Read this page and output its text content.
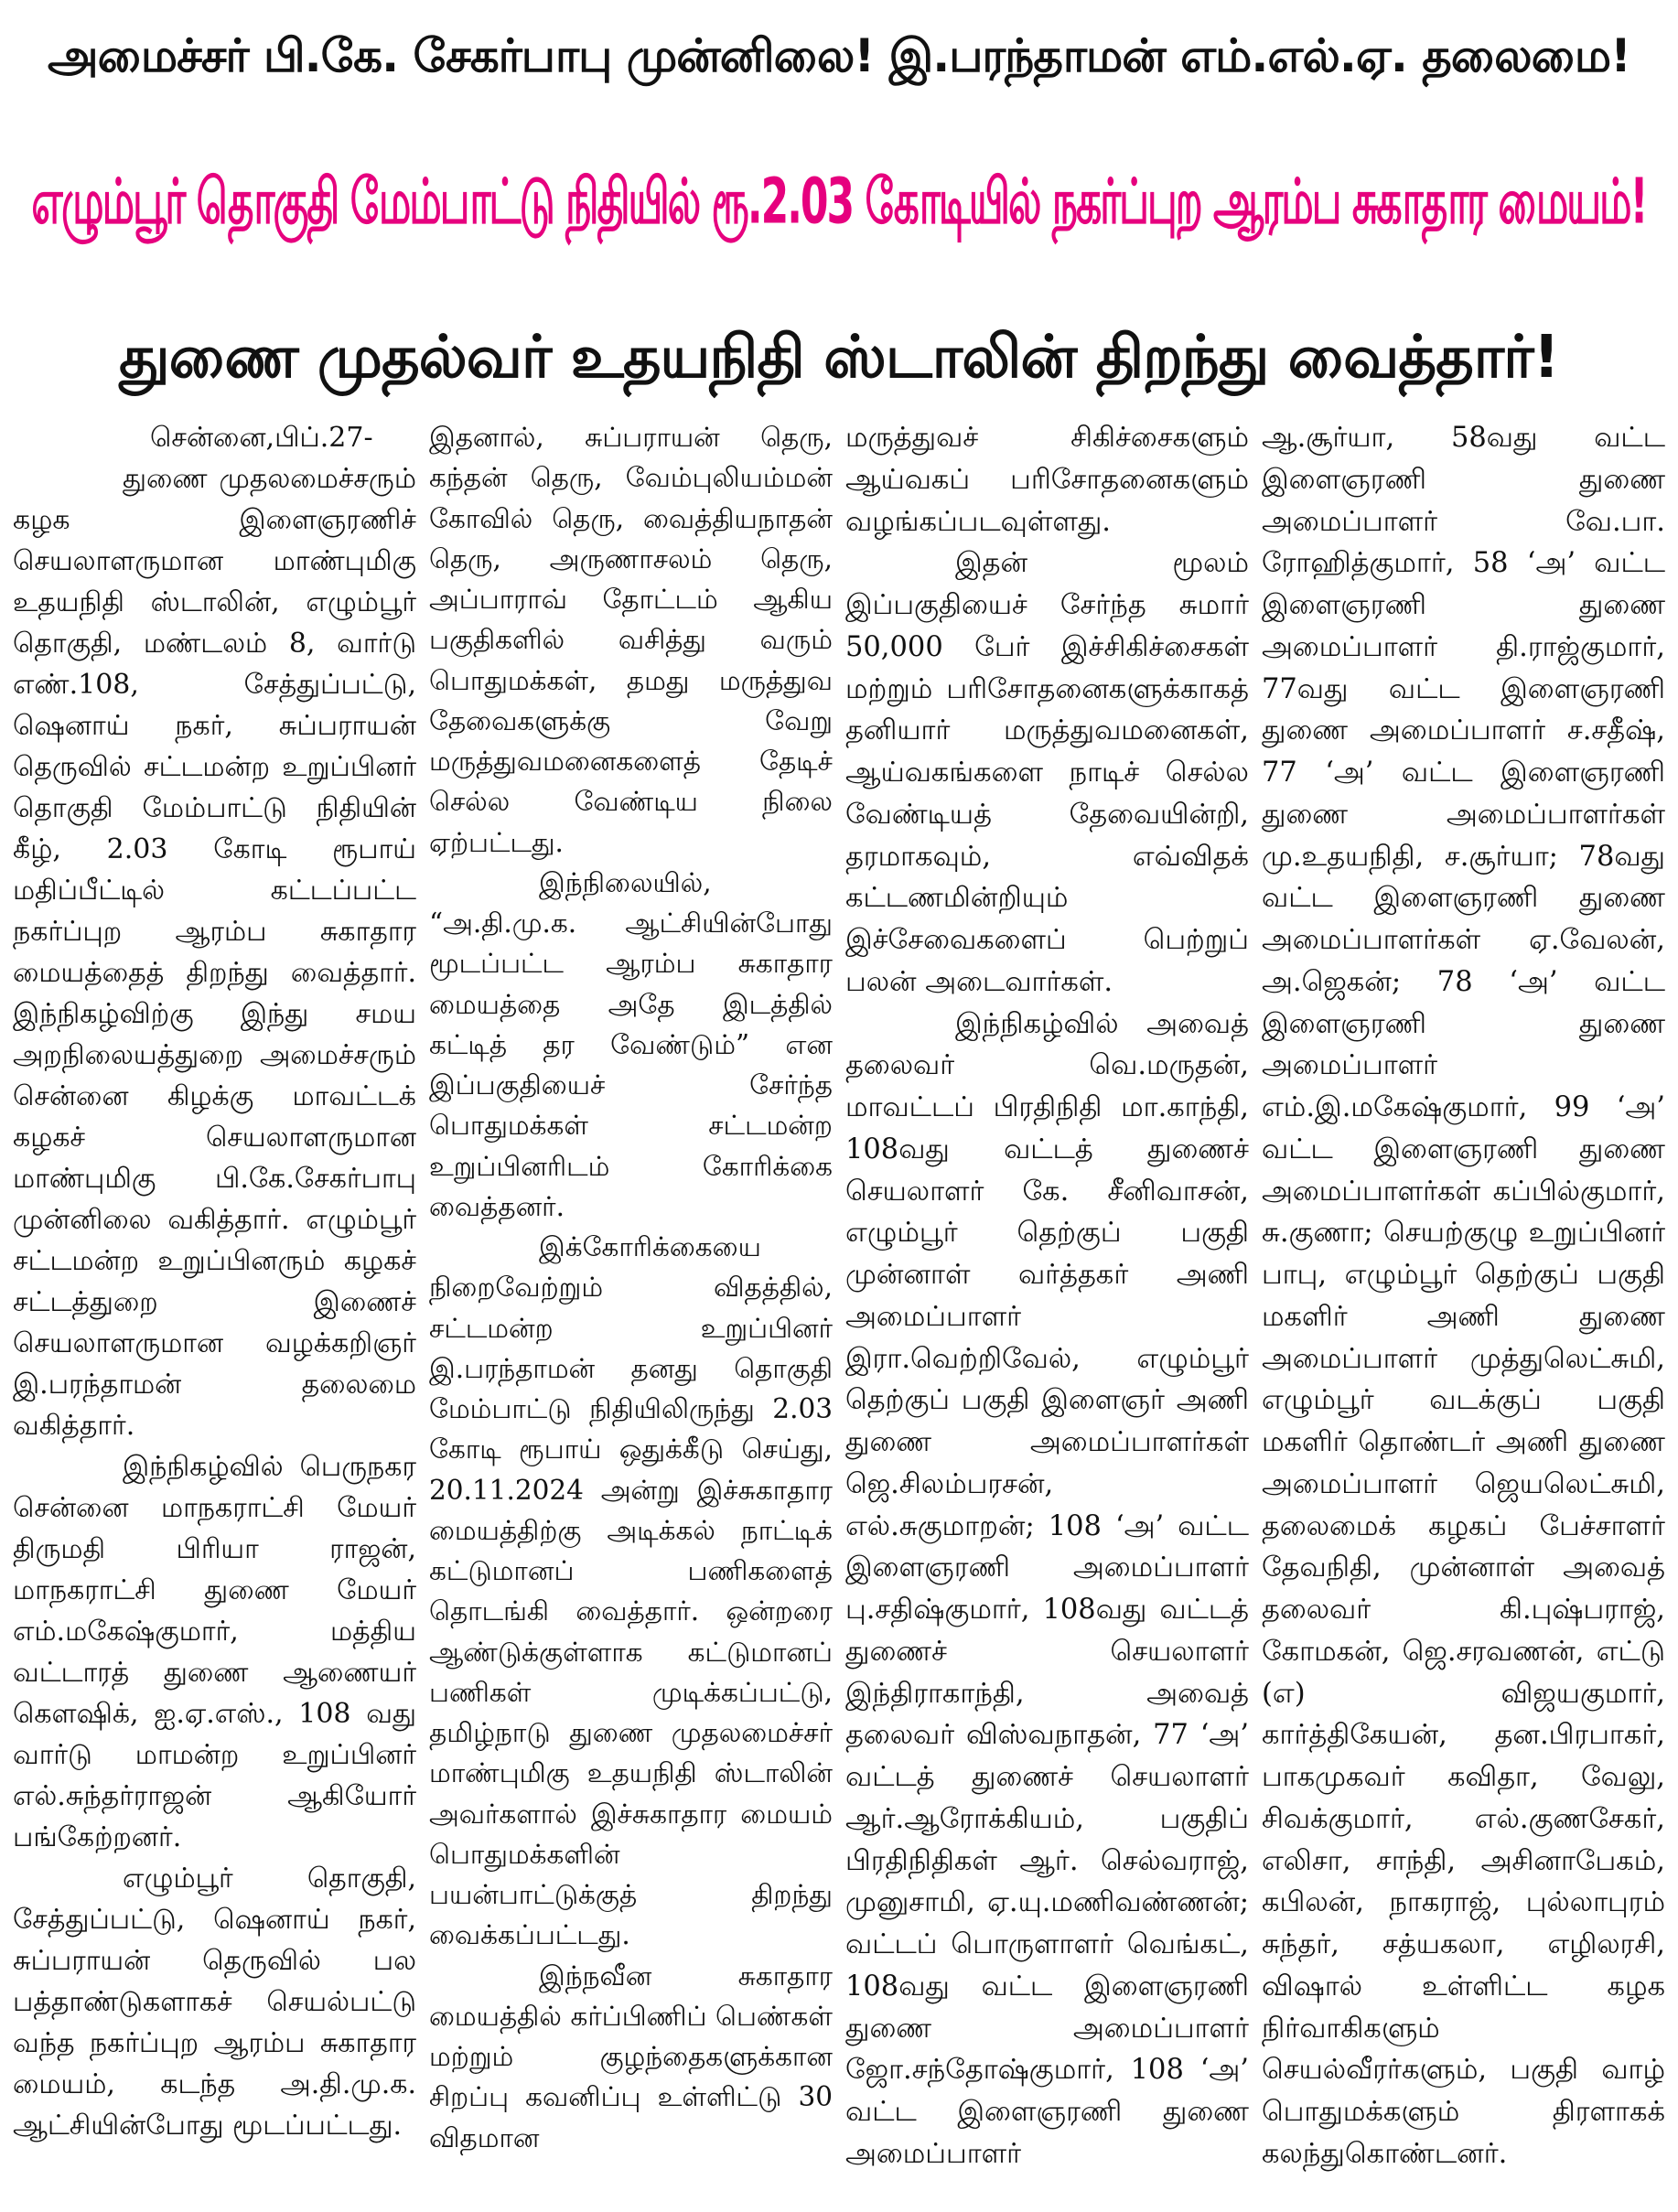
அமைச்சர் பி.கே. சேகர்பாபு முன்னிலை! இ.பரந்தாமன் எம்.எல்.ஏ. தலைமை!
எழும்பூர் தொகுதி மேம்பாட்டு நிதியில் ரூ.2.03 கோடியில் நகர்ப்புற ஆரம்ப சுகாதார மையம்!
துணை முதல்வர் உதயநிதி ஸ்டாலின் திறந்து வைத்தார்!

சென்னை,பிப்.27-

துணை முதலமைச்சரும் கழக இளைஞரணிச் செயலாளருமான மாண்புமிகு உதயநிதி ஸ்டாலின், எழும்பூர் தொகுதி, மண்டலம் 8, வார்டு எண்.108, சேத்துப்பட்டு, ஷெனாய் நகர், சுப்பராயன் தெருவில் சட்டமன்ற உறுப்பினர் தொகுதி மேம்பாட்டு நிதியின் கீழ், 2.03 கோடி ரூபாய் மதிப்பீட்டில் கட்டப்பட்ட நகர்ப்புற ஆரம்ப சுகாதார மையத்தைத் திறந்து வைத்தார். இந்நிகழ்விற்கு இந்து சமய அறநிலையத்துறை அமைச்சரும் சென்னை கிழக்கு மாவட்டக் கழகச் செயலாளருமான மாண்புமிகு பி.கே.சேகர்பாபு முன்னிலை வகித்தார். எழும்பூர் சட்டமன்ற உறுப்பினரும் கழகச் சட்டத்துறை இணைச் செயலாளருமான வழக்கறிஞர் இ.பரந்தாமன் தலைமை வகித்தார்.

இந்நிகழ்வில் பெருநகர சென்னை மாநகராட்சி மேயர் திருமதி பிரியா ராஜன், மாநகராட்சி துணை மேயர் எம்.மகேஷ்குமார், மத்திய வட்டாரத் துணை ஆணையர் கௌஷிக், ஐ.ஏ.எஸ்., 108 வது வார்டு மாமன்ற உறுப்பினர் எல்.சுந்தர்ராஜன் ஆகியோர் பங்கேற்றனர்.

எழும்பூர் தொகுதி, சேத்துப்பட்டு, ஷெனாய் நகர், சுப்பராயன் தெருவில் பல பத்தாண்டுகளாகச் செயல்பட்டு வந்த நகர்ப்புற ஆரம்ப சுகாதார மையம், கடந்த அ.தி.மு.க. ஆட்சியின்போது மூடப்பட்டது.

இதனால், சுப்பராயன் தெரு, கந்தன் தெரு, வேம்புலியம்மன் கோவில் தெரு, வைத்தியநாதன் தெரு, அருணாசலம் தெரு, அப்பாராவ் தோட்டம் ஆகிய பகுதிகளில் வசித்து வரும் பொதுமக்கள், தமது மருத்துவ தேவைகளுக்கு வேறு மருத்துவமனைகளைத் தேடிச் செல்ல வேண்டிய நிலை ஏற்பட்டது.

இந்நிலையில், “அ.தி.மு.க. ஆட்சியின்போது மூடப்பட்ட ஆரம்ப சுகாதார மையத்தை அதே இடத்தில் கட்டித் தர வேண்டும்” என இப்பகுதியைச் சேர்ந்த பொதுமக்கள் சட்டமன்ற உறுப்பினரிடம் கோரிக்கை வைத்தனர்.

இக்கோரிக்கையை நிறைவேற்றும் விதத்தில், சட்டமன்ற உறுப்பினர் இ.பரந்தாமன் தனது தொகுதி மேம்பாட்டு நிதியிலிருந்து 2.03 கோடி ரூபாய் ஒதுக்கீடு செய்து, 20.11.2024 அன்று இச்சுகாதார மையத்திற்கு அடிக்கல் நாட்டிக் கட்டுமானப் பணிகளைத் தொடங்கி வைத்தார். ஒன்றரை ஆண்டுக்குள்ளாக கட்டுமானப் பணிகள் முடிக்கப்பட்டு, தமிழ்நாடு துணை முதலமைச்சர் மாண்புமிகு உதயநிதி ஸ்டாலின் அவர்களால் இச்சுகாதார மையம் பொதுமக்களின் பயன்பாட்டுக்குத் திறந்து வைக்கப்பட்டது.

இந்நவீன சுகாதார மையத்தில் கர்ப்பிணிப் பெண்கள் மற்றும் குழந்தைகளுக்கான சிறப்பு கவனிப்பு உள்ளிட்டு 30 விதமான

மருத்துவச் சிகிச்சைகளும் ஆய்வகப் பரிசோதனைகளும் வழங்கப்படவுள்ளது.

இதன் மூலம் இப்பகுதியைச் சேர்ந்த சுமார் 50,000 பேர் இச்சிகிச்சைகள் மற்றும் பரிசோதனைகளுக்காகத் தனியார் மருத்துவமனைகள், ஆய்வகங்களை நாடிச் செல்ல வேண்டியத் தேவையின்றி, தரமாகவும், எவ்விதக் கட்டணமின்றியும் இச்சேவைகளைப் பெற்றுப் பலன் அடைவார்கள்.

இந்நிகழ்வில் அவைத் தலைவர் வெ.மருதன், மாவட்டப் பிரதிநிதி மா.காந்தி, 108வது வட்டத் துணைச் செயலாளர் கே. சீனிவாசன், எழும்பூர் தெற்குப் பகுதி முன்னாள் வர்த்தகர் அணி அமைப்பாளர் இரா.வெற்றிவேல், எழும்பூர் தெற்குப் பகுதி இளைஞர் அணி துணை அமைப்பாளர்கள் ஜெ.சிலம்பரசன், எல்.சுகுமாறன்; 108 ‘அ’ வட்ட இளைஞரணி அமைப்பாளர் பு.சதிஷ்குமார், 108வது வட்டத் துணைச் செயலாளர் இந்திராகாந்தி, அவைத் தலைவர் விஸ்வநாதன், 77 ‘அ’ வட்டத் துணைச் செயலாளர் ஆர்.ஆரோக்கியம், பகுதிப் பிரதிநிதிகள் ஆர். செல்வராஜ், முனுசாமி, ஏ.யு.மணிவண்ணன்; வட்டப் பொருளாளர் வெங்கட், 108வது வட்ட இளைஞரணி துணை அமைப்பாளர் ஜோ.சந்தோஷ்குமார், 108 ‘அ’ வட்ட இளைஞரணி துணை அமைப்பாளர்

ஆ.சூர்யா, 58வது வட்ட இளைஞரணி துணை அமைப்பாளர் வே.பா. ரோஹித்குமார், 58 ‘அ’ வட்ட இளைஞரணி துணை அமைப்பாளர் தி.ராஜ்குமார், 77வது வட்ட இளைஞரணி துணை அமைப்பாளர் ச.சதீஷ், 77 ‘அ’ வட்ட இளைஞரணி துணை அமைப்பாளர்கள் மு.உதயநிதி, ச.சூர்யா; 78வது வட்ட இளைஞரணி துணை அமைப்பாளர்கள் ஏ.வேலன், அ.ஜெகன்; 78 ‘அ’ வட்ட இளைஞரணி துணை அமைப்பாளர் எம்.இ.மகேஷ்குமார், 99 ‘அ’ வட்ட இளைஞரணி துணை அமைப்பாளர்கள் கப்பில்குமார், சு.குணா; செயற்குழு உறுப்பினர் பாபு, எழும்பூர் தெற்குப் பகுதி மகளிர் அணி துணை அமைப்பாளர் முத்துலெட்சுமி, எழும்பூர் வடக்குப் பகுதி மகளிர் தொண்டர் அணி துணை அமைப்பாளர் ஜெயலெட்சுமி, தலைமைக் கழகப் பேச்சாளர் தேவநிதி, முன்னாள் அவைத் தலைவர் கி.புஷ்பராஜ், கோமகன், ஜெ.சரவணன், எட்டு (எ) விஜயகுமார், கார்த்திகேயன், தன.பிரபாகர், பாகமுகவர் கவிதா, வேலு, சிவக்குமார், எல்.குணசேகர், எலிசா, சாந்தி, அசினாபேகம், கபிலன், நாகராஜ், புல்லாபுரம் சுந்தர், சத்யகலா, எழிலரசி, விஷால் உள்ளிட்ட கழக நிர்வாகிகளும் செயல்வீரர்களும், பகுதி வாழ் பொதுமக்களும் திரளாகக் கலந்துகொண்டனர்.
